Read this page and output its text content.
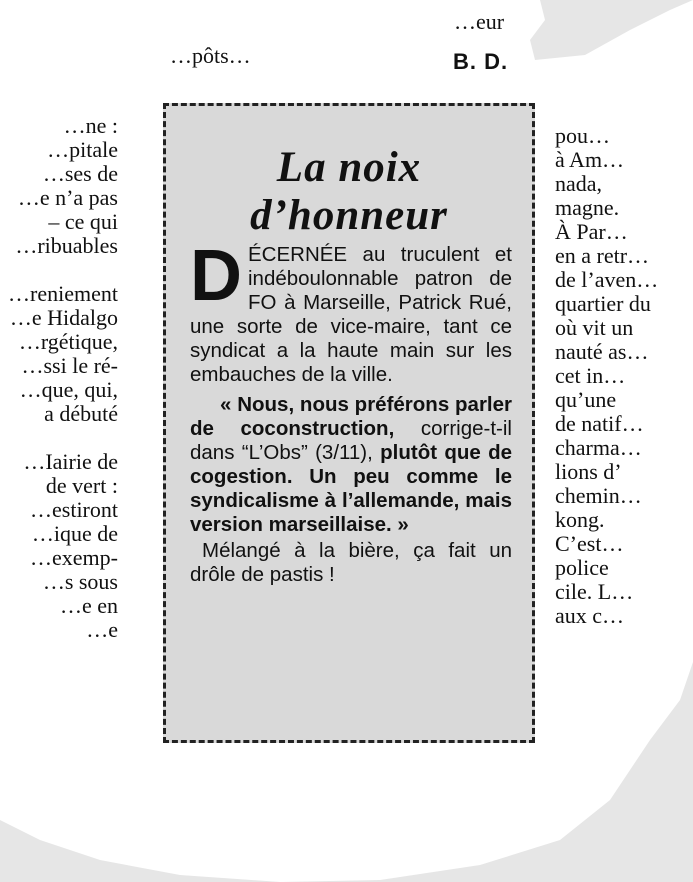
…pôts…
…eur
B. D.
…ne :
…pitale
…ses de
…e n’a pas
– ce qui
…ribuables
…reniement
…e Hidalgo
…rgétique,
…ssi le ré-
…que, qui,
a débuté
…Iairie de
de vert :
…estiront
…ique de
…exemp-
…s sous
…e en
…e
pou…
à Am…
nada,
magne.
À Par…
en a retr…
de l’aven…
quartier du
où vit un
nauté as…
cet in…
qu’une
de natif…
charma…
lions d’
chemin…
kong.
C’est…
police
cile. L…
aux c…
La noix
d’honneur
DÉCERNÉE au truculent et indéboulonnable patron de FO à Marseille, Patrick Rué, une sorte de vice-maire, tant ce syndicat a la haute main sur les embauches de la ville.
« Nous, nous préférons parler de coconstruction, corrige-t-il dans “L’Obs” (3/11), plutôt que de cogestion. Un peu comme le syndicalisme à l’allemande, mais version marseillaise. »
Mélangé à la bière, ça fait un drôle de pastis !
